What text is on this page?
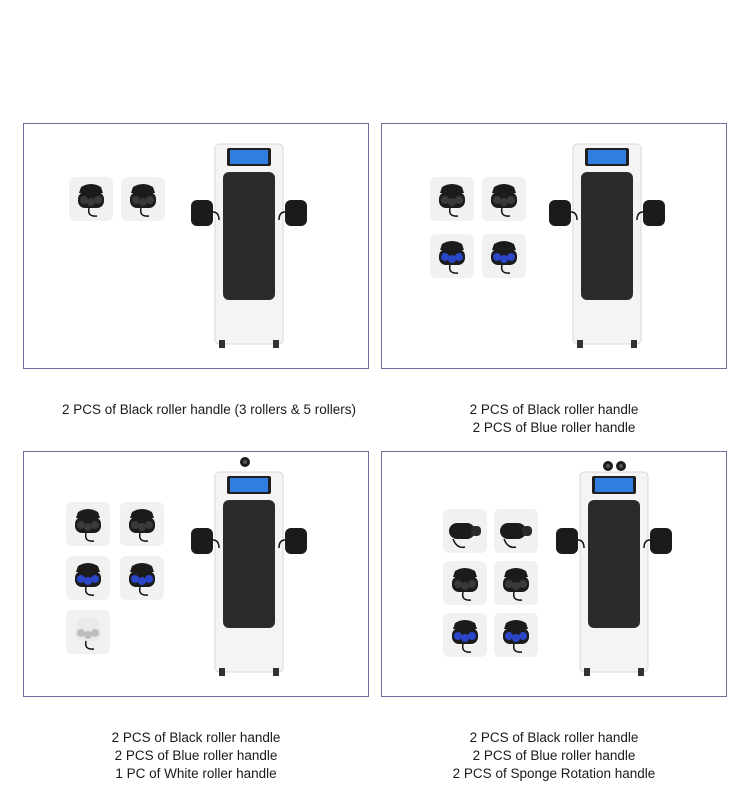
2 PCS of Black roller handle (3 rollers & 5 rollers)	2 PCS of Black roller handle
2 PCS of Blue roller handle
2 PCS of Black roller handle
2 PCS of Blue roller handle
1 PC of White roller handle
2 PCS of Black roller handle
2 PCS of Blue roller handle
2 PCS of Sponge Rotation handle
